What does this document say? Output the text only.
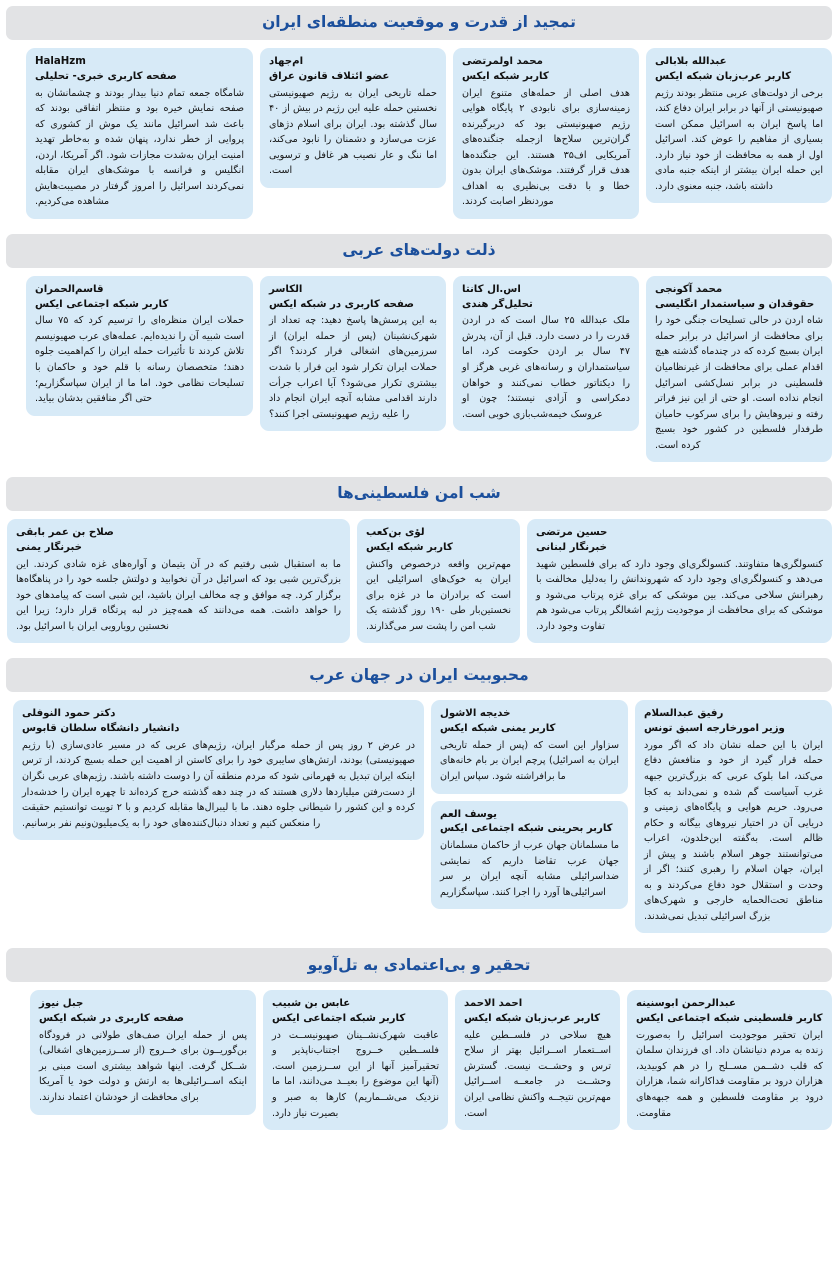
تمجید از قدرت و موقعیت منطقه‌ای ایران
عبدالله بلابالی
کاربر عرب‌زبان شبکه ایکس
برخی از دولت‌های عربی منتظر بودند رژیم صهیونیستی از آنها در برابر ایران دفاع کند، اما پاسخ ایران به اسرائیل ممکن است بسیاری از مفاهیم را عوض کند. اسرائیل اول از همه به محافظت از خود نیاز دارد. این حمله ایران بیشتر از اینکه جنبه مادی داشته باشد، جنبه معنوی دارد.
محمد اولمرتضی
کاربر شبکه ایکس
هدف اصلی از حمله‌های متنوع ایران زمینه‌سازی برای نابودی ۲ پایگاه هوایی رژیم صهیونیستی بود که دربرگیرنده گران‌ترین سلاح‌ها ازجمله جنگنده‌های آمریکایی اف۳۵ هستند. این جنگنده‌ها هدف قرار گرفتند. موشک‌های ایران بدون خطا و با دقت بی‌نظیری به اهداف موردنظر اصابت کردند.
ام‌جهاد
عضو ائتلاف قانون عراق
حمله تاریخی ایران به رژیم صهیونیستی نخستین حمله علیه این رژیم در بیش از ۴۰ سال گذشته بود. ایران برای اسلام دژهای عزت می‌سازد و دشمنان را نابود می‌کند، اما ننگ و عار نصیب هر غافل و ترسویی است.
HalaHzm
صفحه کاربری خبری- تحلیلی
شامگاه جمعه تمام دنیا بیدار بودند و چشمانشان به صفحه نمایش خیره بود و منتظر اتفاقی بودند که باعث شد اسرائیل مانند یک موش از کشوری که پروایی از خطر ندارد، پنهان شده و به‌خاطر تهدید امنیت ایران به‌شدت مجازات شود. اگر آمریکا، اردن، انگلیس و فرانسه با موشک‌های ایران مقابله نمی‌کردند اسرائیل را امروز گرفتار در مصیبت‌هایش مشاهده می‌کردیم.
ذلت دولت‌های عربی
محمد آکونجی
حقوقدان و سیاستمدار انگلیسی
شاه اردن در حالی تسلیحات جنگی خود را برای محافظت از اسرائیل در برابر حمله ایران بسیج کرده که در چندماه گذشته هیچ اقدام عملی برای محافظت از غیرنظامیان فلسطینی در برابر نسل‌کشی اسرائیل انجام نداده است. او حتی از این نیز فراتر رفته و نیروهایش را برای سرکوب حامیان طرفدار فلسطین در کشور خود بسیج کرده است.
اس.ال کانتا
تحلیل‌گر هندی
ملک عبدالله ۲۵ سال است که در اردن قدرت را در دست دارد. قبل از آن، پدرش ۴۷ سال بر اردن حکومت کرد، اما سیاستمداران و رسانه‌های غربی هرگز او را دیکتاتور خطاب نمی‌کنند و خواهان دمکراسی و آزادی نیستند؛ چون او عروسک خیمه‌شب‌بازی خوبی است.
الکاسر
صفحه کاربری در شبکه ایکس
به این پرسش‌ها پاسخ دهید: چه تعداد از شهرک‌نشینان (پس از حمله ایران) از سرزمین‌های اشغالی فرار کردند؟ اگر حملات ایران تکرار شود این فرار با شدت بیشتری تکرار می‌شود؟ آیا اعراب جرأت دارند اقدامی مشابه آنچه ایران انجام داد را علیه رژیم صهیونیستی اجرا کنند؟
قاسم‌الحمران
کاربر شبکه اجتماعی ایکس
حملات ایران منظره‌ای را ترسیم کرد که ۷۵ سال است شبیه آن را ندیده‌ایم. عمله‌های عرب صهیونیسم تلاش کردند تا تأثیرات حمله ایران را کم‌اهمیت جلوه دهند؛ متخصصان رسانه با قلم خود و حاکمان با تسلیحات نظامی خود. اما ما از ایران سپاسگزاریم؛ حتی اگر منافقین بدشان بیاید.
شب امن فلسطینی‌ها
حسین مرتضی
خبرنگار لبنانی
کنسولگری‌ها متفاوتند. کنسولگری‌ای وجود دارد که برای فلسطین شهید می‌دهد و کنسولگری‌ای وجود دارد که شهروندانش را به‌دلیل مخالفت با رهبرانش سلاخی می‌کند. بین موشکی که برای غزه پرتاب می‌شود و موشکی که برای محافظت از موجودیت رژیم اشغالگر پرتاب می‌شود هم تفاوت وجود دارد.
لؤی بن‌کعب
کاربر شبکه ایکس
مهم‌ترین واقعه درخصوص واکنش ایران به خوک‌های اسرائیلی این است که برادران ما در غزه برای نخستین‌بار طی ۱۹۰ روز گذشته یک شب امن را پشت سر می‌گذارند.
صلاح بن عمر بابقی
خبرنگار یمنی
ما به استقبال شبی رفتیم که در آن یتیمان و آواره‌های غزه شادی کردند. این بزرگ‌ترین شبی بود که اسرائیل در آن نخوابید و دولتش جلسه خود را در پناهگاه‌ها برگزار کرد. چه موافق و چه مخالف ایران باشید، این شبی است که پیامدهای خود را خواهد داشت. همه می‌دانند که همه‌چیز در لبه پرتگاه قرار دارد؛ زیرا این نخستین رویارویی ایران با اسرائیل بود.
محبوبیت ایران در جهان عرب
رفیق عبدالسلام
وزیر امورخارجه اسبق تونس
ایران با این حمله نشان داد که اگر مورد حمله قرار گیرد از خود و منافعش دفاع می‌کند، اما بلوک عربی که بزرگ‌ترین جبهه غرب آسیاست گم شده و نمی‌داند به کجا می‌رود. حریم هوایی و پایگاه‌های زمینی و دریایی آن در اختیار نیروهای بیگانه و حکام ظالم است. به‌گفته ابن‌خلدون، اعراب می‌توانستند جوهر اسلام باشند و پیش از ایران، جهان اسلام را رهبری کنند؛ اگر از وحدت و استقلال خود دفاع می‌کردند و به مناطق تحت‌الحمایه خارجی و شهرک‌های بزرگ اسرائیلی تبدیل نمی‌شدند.
خدیجه الاشول
کاربر یمنی شبکه ایکس
سزاوار این است که (پس از حمله تاریخی ایران به اسرائیل) پرچم ایران بر بام خانه‌های ما برافراشته شود. سپاس ایران
یوسف العم
کاربر بحرینی شبکه اجتماعی ایکس
ما مسلمانان جهان عرب از حاکمان مسلمانان جهان عرب تقاضا داریم که نمایشی ضداسرائیلی مشابه آنچه ایران بر سر اسرائیلی‌ها آورد را اجرا کنند. سپاسگزاریم
دکتر حمود النوفلی
دانشیار دانشگاه سلطان قابوس
در عرض ۲ روز پس از حمله مرگبار ایران، رژیم‌های عربی که در مسیر عادی‌سازی (با رژیم صهیونیستی) بودند، ارتش‌های سایبری خود را برای کاستن از اهمیت این حمله بسیج کردند، از ترس اینکه ایران تبدیل به قهرمانی شود که مردم منطقه آن را دوست داشته باشند. رژیم‌های عربی نگران از دست‌رفتن میلیاردها دلاری هستند که در چند دهه گذشته خرج کرده‌اند تا چهره ایران را خدشه‌دار کرده و این کشور را شیطانی جلوه دهند. ما با لیبرال‌ها مقابله کردیم و با ۲ توییت توانستیم حقیقت را منعکس کنیم و تعداد دنبال‌کننده‌های خود را به یک‌میلیون‌ونیم نفر برسانیم.
تحقیر و بی‌اعتمادی به تل‌آویو
عبدالرحمن ابوسنینه
کاربر فلسطینی شبکه اجتماعی ایکس
ایران تحقیر موجودیت اسرائیل را به‌صورت زنده به مردم دنیانشان داد. ای فرزندان سلمان که قلب دشــمن مســلح را در هم کوبیدید، هزاران درود بر مقاومت فداکارانه شما، هزاران درود بر مقاومت فلسطین و همه جبهه‌های مقاومت.
احمد الاحمد
کاربر عرب‌زبان شبکه ایکس
هیچ سلاحی در فلســطین علیه اســتعمار اســرائیل بهتر از سلاح ترس و وحشــت نیست. گسترش وحشــت در جامعــه اســرائیل مهم‌ترین نتیجــه واکنش نظامی ایران است.
عابس بن شبیب
کاربر شبکه اجتماعی ایکس
عاقبت شهرک‌نشــینان صهیونیســت در فلســطین خــروج اجتناب‌ناپذیر و تحقیرآمیز آنها از این ســرزمین است. (آنها این موضوع را بعیــد می‌دانند، اما ما نزدیک می‌شــماریم) کارها به صبر و بصیرت نیاز دارد.
جبل نیوز
صفحه کاربری در شبکه ایکس
پس از حمله ایران صف‌های طولانی در فرودگاه بن‌گوریــون برای خــروج (از ســرزمین‌های اشغالی) شــکل گرفت. اینها شواهد بیشتری است مبنی بر اینکه اســرائیلی‌ها به ارتش و دولت خود یا آمریکا برای محافظت از خودشان اعتماد ندارند.
